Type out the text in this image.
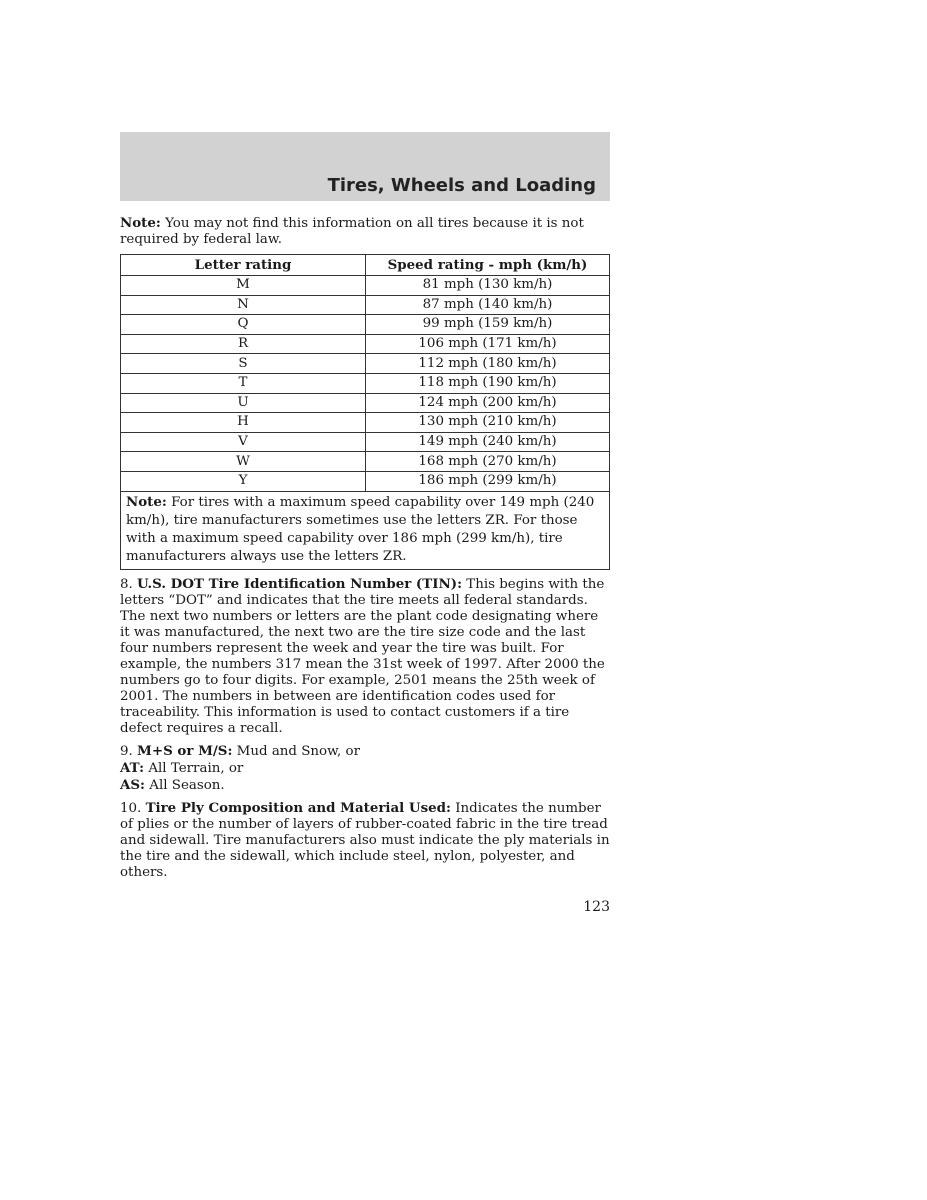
Tires, Wheels and Loading

Note: You may not find this information on all tires because it is not required by federal law.

Letter rating	Speed rating - mph (km/h)
M	81 mph (130 km/h)
N	87 mph (140 km/h)
Q	99 mph (159 km/h)
R	106 mph (171 km/h)
S	112 mph (180 km/h)
T	118 mph (190 km/h)
U	124 mph (200 km/h)
H	130 mph (210 km/h)
V	149 mph (240 km/h)
W	168 mph (270 km/h)
Y	186 mph (299 km/h)
Note: For tires with a maximum speed capability over 149 mph (240 km/h), tire manufacturers sometimes use the letters ZR. For those with a maximum speed capability over 186 mph (299 km/h), tire manufacturers always use the letters ZR.	

8. U.S. DOT Tire Identification Number (TIN): This begins with the letters “DOT” and indicates that the tire meets all federal standards. The next two numbers or letters are the plant code designating where it was manufactured, the next two are the tire size code and the last four numbers represent the week and year the tire was built. For example, the numbers 317 mean the 31st week of 1997. After 2000 the numbers go to four digits. For example, 2501 means the 25th week of 2001. The numbers in between are identification codes used for traceability. This information is used to contact customers if a tire defect requires a recall.

9. M+S or M/S: Mud and Snow, or
AT: All Terrain, or
AS: All Season.

10. Tire Ply Composition and Material Used: Indicates the number of plies or the number of layers of rubber-coated fabric in the tire tread and sidewall. Tire manufacturers also must indicate the ply materials in the tire and the sidewall, which include steel, nylon, polyester, and others.

123
